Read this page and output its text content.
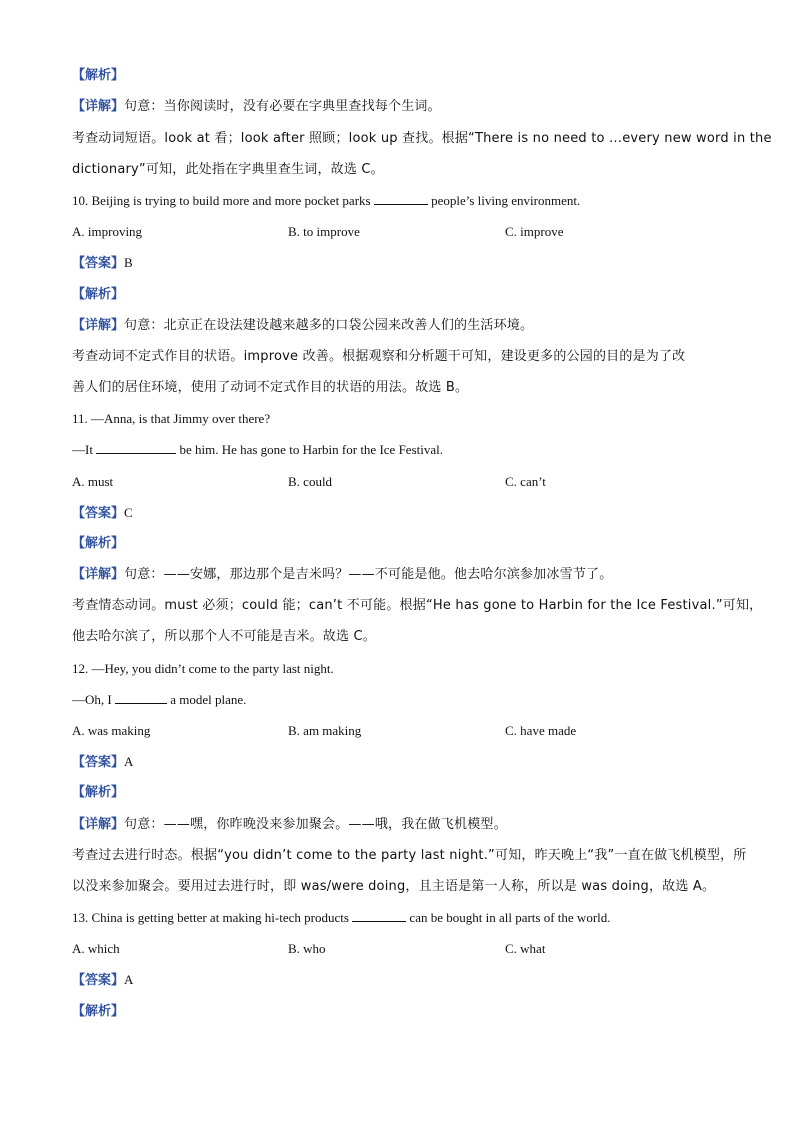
【解析】
【详解】句意：当你阅读时，没有必要在字典里查找每个生词。
考查动词短语。look at 看；look after 照顾；look up 查找。根据“There is no need to …every new word in the
dictionary”可知，此处指在字典里查生词，故选 C。
10. Beijing is trying to build more and more pocket parks	people’s living environment.
A. improving	B. to improve	C. improve
【答案】B
【解析】
【详解】句意：北京正在设法建设越来越多的口袋公园来改善人们的生活环境。
考查动词不定式作目的状语。improve 改善。根据观察和分析题干可知，建设更多的公园的目的是为了改
善人们的居住环境，使用了动词不定式作目的状语的用法。故选 B。
11. —Anna, is that Jimmy over there?
—It	be him. He has gone to Harbin for the Ice Festival.
A. must	B. could	C. can’t
【答案】C
【解析】
【详解】句意：——安娜，那边那个是吉米吗？——不可能是他。他去哈尔滨参加冰雪节了。
考查情态动词。must 必须；could 能；can’t 不可能。根据“He has gone to Harbin for the Ice Festival.”可知，
他去哈尔滨了，所以那个人不可能是吉米。故选 C。
12. —Hey, you didn’t come to the party last night.
—Oh, I	a model plane.
A. was making	B. am making	C. have made
【答案】A
【解析】
【详解】句意：——嘿，你昨晚没来参加聚会。——哦，我在做飞机模型。
考查过去进行时态。根据“you didn’t come to the party last night.”可知，昨天晚上“我”一直在做飞机模型，所
以没来参加聚会。要用过去进行时，即 was/were doing，且主语是第一人称，所以是 was doing，故选 A。
13. China is getting better at making hi-tech products	can be bought in all parts of the world.
A. which	B. who	C. what
【答案】A
【解析】
